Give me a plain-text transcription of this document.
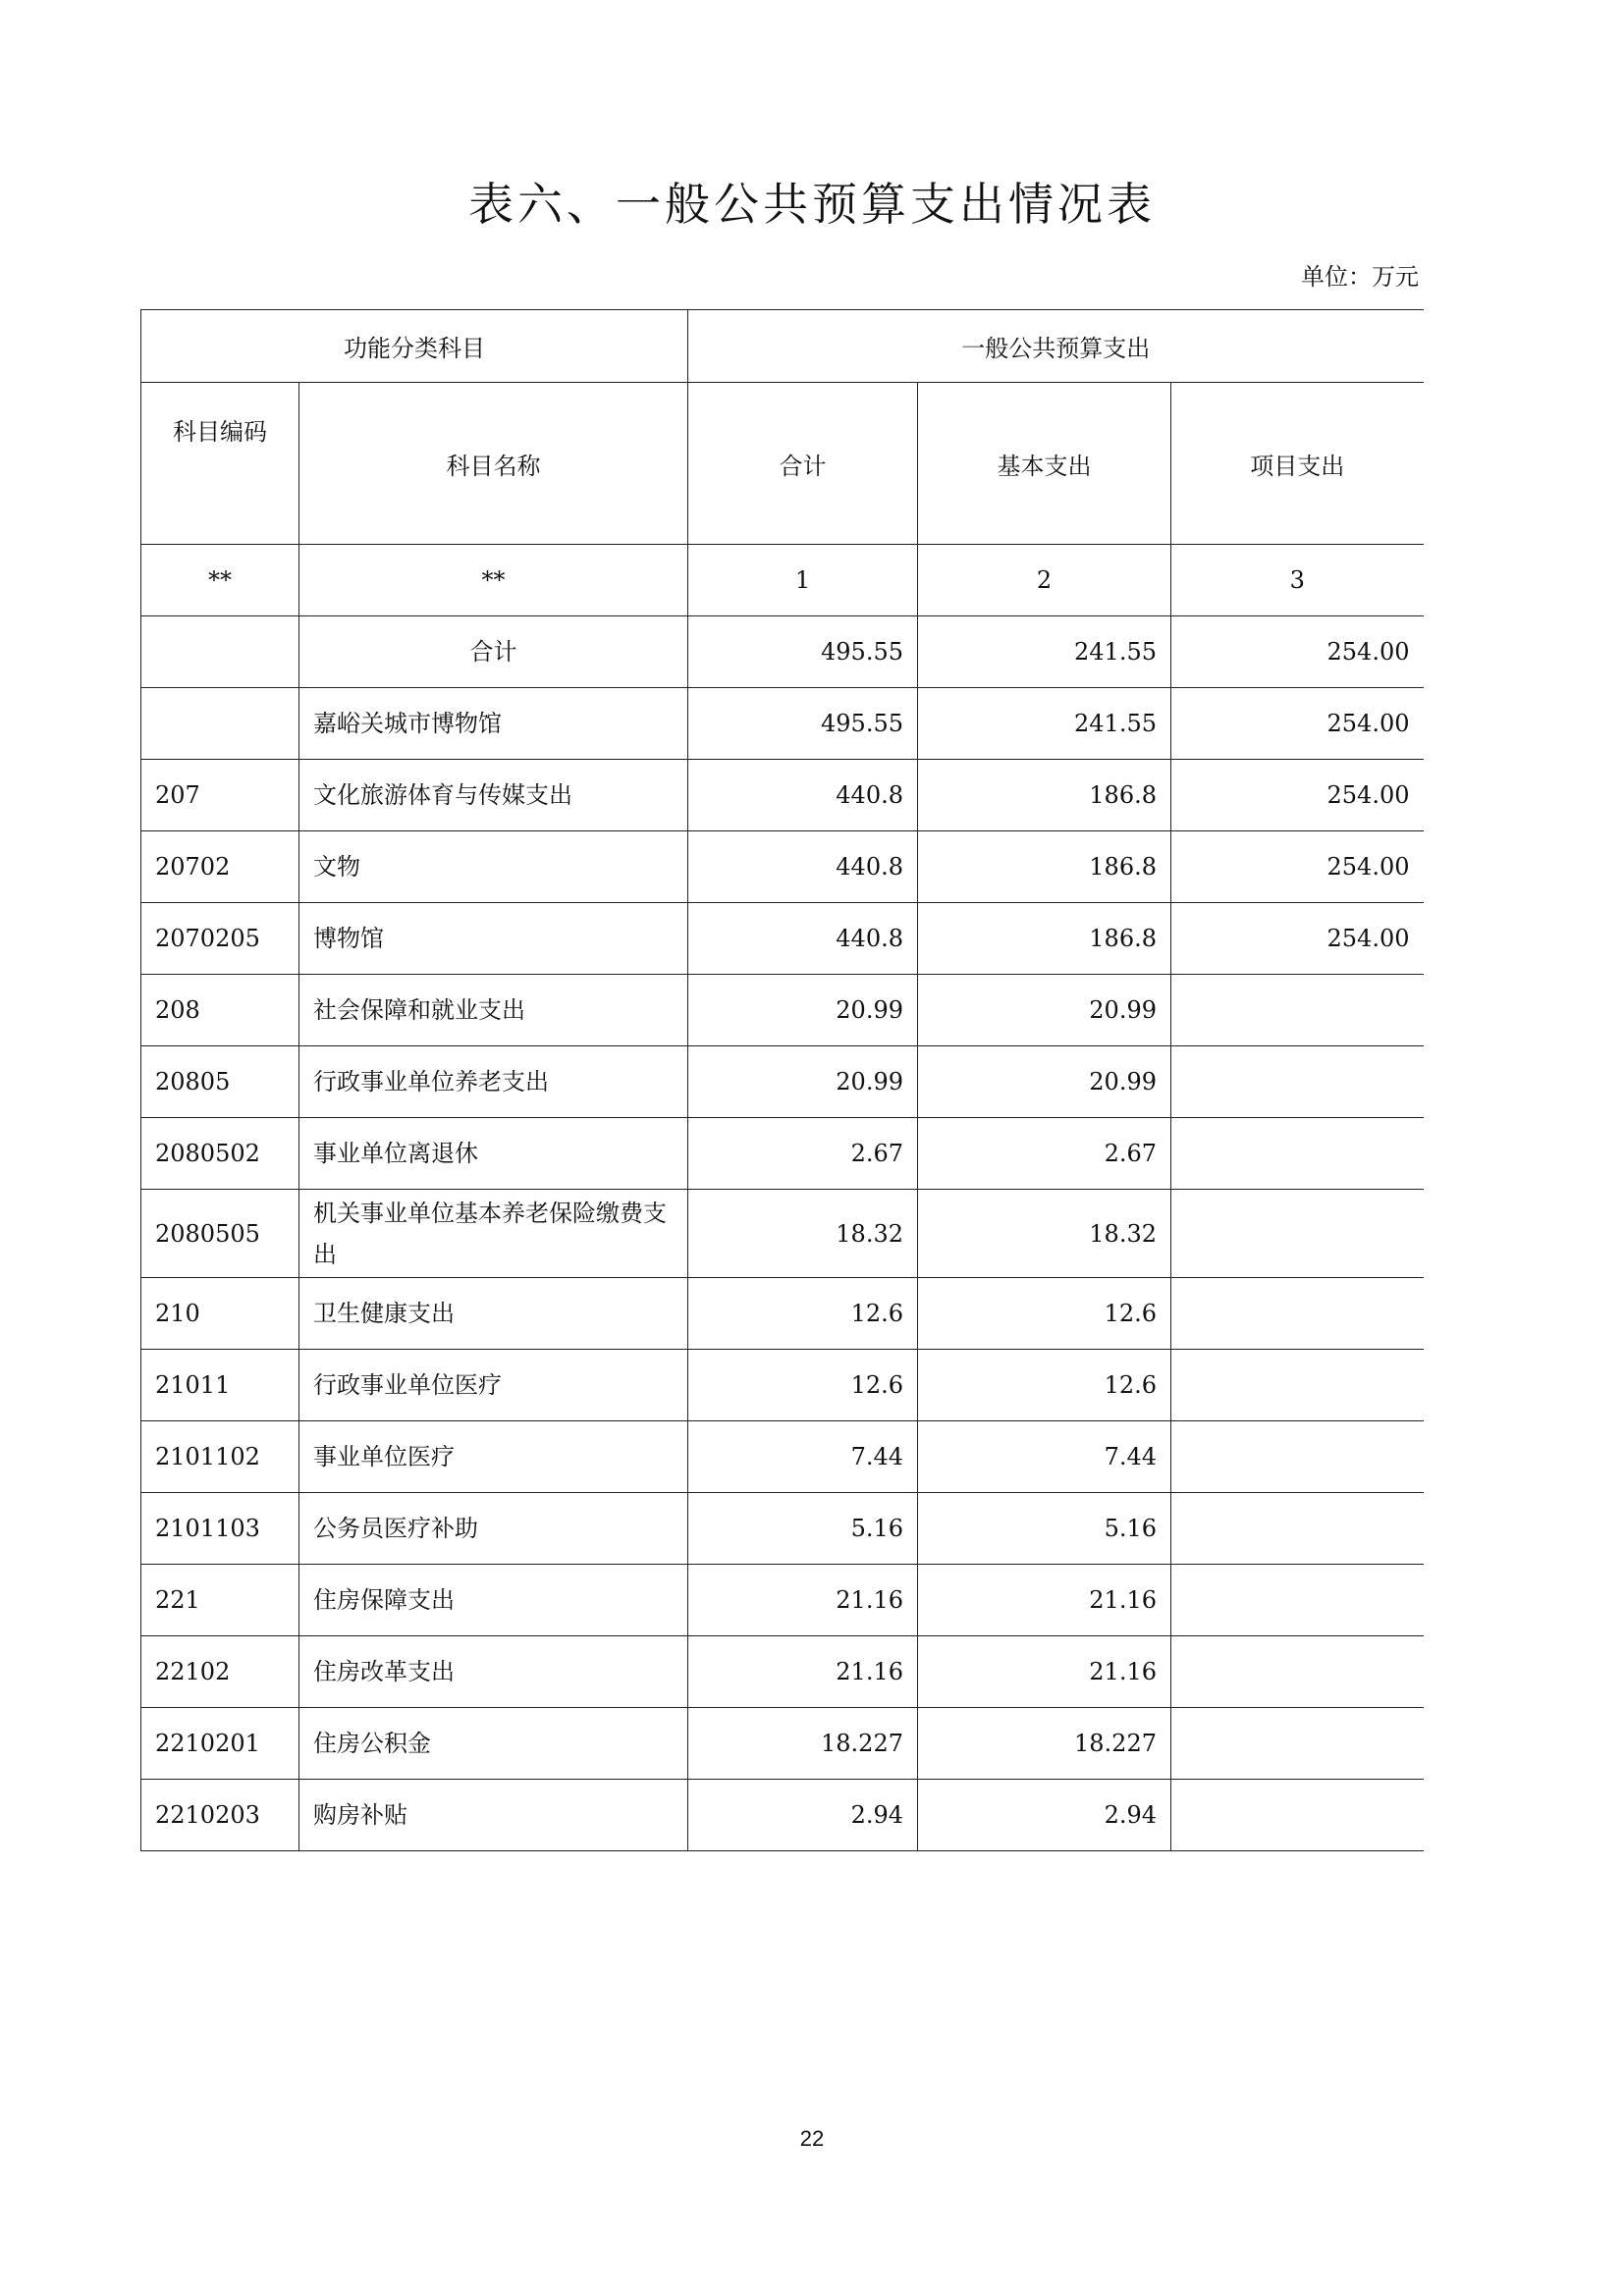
表六、一般公共预算支出情况表
单位：万元
功能分类科目		一般公共预算支出		
科目编码	科目名称	合计	基本支出	项目支出
**	**	1	2	3
	合计	495.55	241.55	254.00
	嘉峪关城市博物馆	495.55	241.55	254.00
207	文化旅游体育与传媒支出	440.8	186.8	254.00
20702	文物	440.8	186.8	254.00
2070205	博物馆	440.8	186.8	254.00
208	社会保障和就业支出	20.99	20.99	
20805	行政事业单位养老支出	20.99	20.99	
2080502	事业单位离退休	2.67	2.67	
2080505	机关事业单位基本养老保险缴费支出	18.32	18.32	
210	卫生健康支出	12.6	12.6	
21011	行政事业单位医疗	12.6	12.6	
2101102	事业单位医疗	7.44	7.44	
2101103	公务员医疗补助	5.16	5.16	
221	住房保障支出	21.16	21.16	
22102	住房改革支出	21.16	21.16	
2210201	住房公积金	18.227	18.227	
2210203	购房补贴	2.94	2.94	
22
